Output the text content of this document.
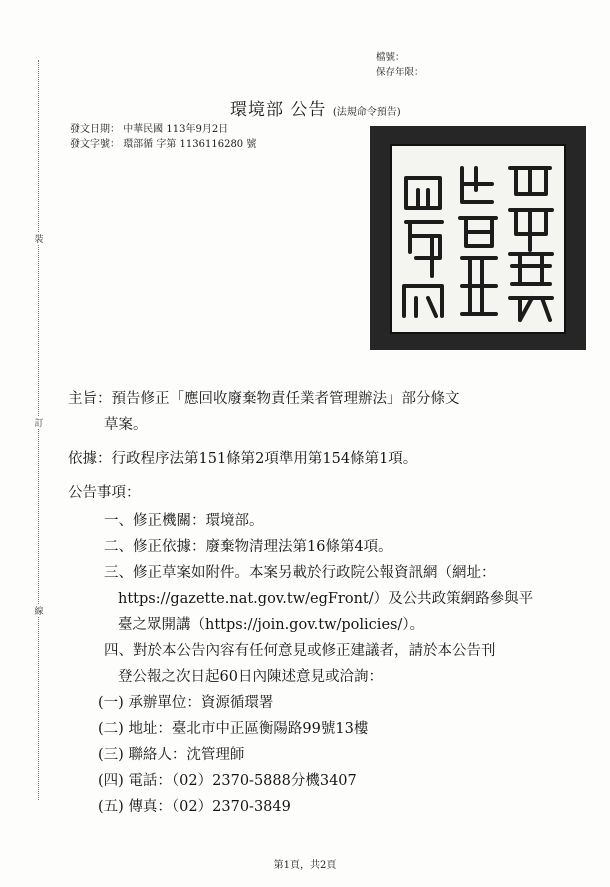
裝
訂
線
檔號：
保存年限：
環境部 公告 (法規命令預告)
發文日期： 中華民國 113年9月2日
發文字號： 環部循 字第 1136116280 號
主旨：預告修正「應回收廢棄物責任業者管理辦法」部分條文
草案。
依據：行政程序法第151條第2項準用第154條第1項。
公告事項：
一、修正機關：環境部。
二、修正依據：廢棄物清理法第16條第4項。
三、修正草案如附件。本案另載於行政院公報資訊網（網址：
https://gazette.nat.gov.tw/egFront/）及公共政策網路參與平
臺之眾開講（https://join.gov.tw/policies/）。
四、對於本公告內容有任何意見或修正建議者，請於本公告刊
登公報之次日起60日內陳述意見或洽詢：
(一) 承辦單位：資源循環署
(二) 地址：臺北市中正區衡陽路99號13樓
(三) 聯絡人：沈管理師
(四) 電話：（02）2370-5888分機3407
(五) 傳真：（02）2370-3849
第1頁，共2頁
